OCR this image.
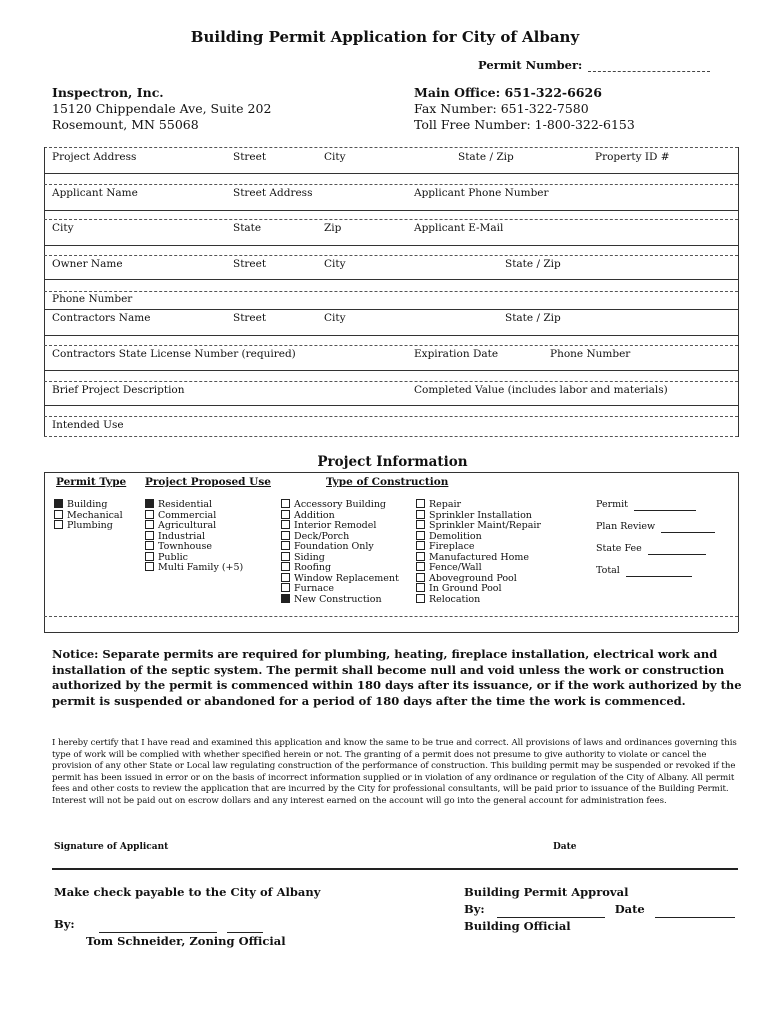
Building Permit Application for City of Albany
Permit Number:
Inspectron, Inc.
15120 Chippendale Ave, Suite 202
Rosemount, MN 55068
Main Office: 651-322-6626
Fax Number: 651-322-7580
Toll Free Number: 1-800-322-6153
Project Address	Street	City	State / Zip	Property ID #
Applicant Name	Street Address	Applicant Phone Number
City	State	Zip	Applicant E-Mail
Owner Name	Street	City	State / Zip
Phone Number
Contractors Name	Street	City	State / Zip
Contractors State License Number (required)	Expiration Date	Phone Number
Brief Project Description	Completed Value (includes labor and materials)
Intended Use
Project Information
Permit Type Project Proposed Use	Type of Construction
Building
Mechanical
Plumbing
Residential
Commercial
Agricultural
Industrial
Townhouse
Public
Multi Family (+5)
Accessory Building
Addition
Interior Remodel
Deck/Porch
Foundation Only
Siding
Roofing
Window Replacement
Furnace
New Construction
Repair
Sprinkler Installation
Sprinkler Maint/Repair
Demolition
Fireplace
Manufactured Home
Fence/Wall
Aboveground Pool
In Ground Pool
Relocation
Permit
Plan Review
State Fee
Total
Notice: Separate permits are required for plumbing, heating, fireplace installation, electrical work and installation of the septic system. The permit shall become null and void unless the work or construction authorized by the permit is commenced within 180 days after its issuance, or if the work authorized by the permit is suspended or abandoned for a period of 180 days after the time the work is commenced.
I hereby certify that I have read and examined this application and know the same to be true and correct. All provisions of laws and ordinances governing this type of work will be complied with whether specified herein or not. The granting of a permit does not presume to give authority to violate or cancel the provision of any other State or Local law regulating construction of the performance of construction. This building permit may be suspended or revoked if the permit has been issued in error or on the basis of incorrect information supplied or in violation of any ordinance or regulation of the City of Albany. All permit fees and other costs to review the application that are incurred by the City for professional consultants, will be paid prior to issuance of the Building Permit. Interest will not be paid out on escrow dollars and any interest earned on the account will go into the general account for administration fees.
Signature of Applicant	Date
Make check payable to the City of Albany
By:
Tom Schneider, Zoning Official
Building Permit Approval
By:	Date
Building Official
